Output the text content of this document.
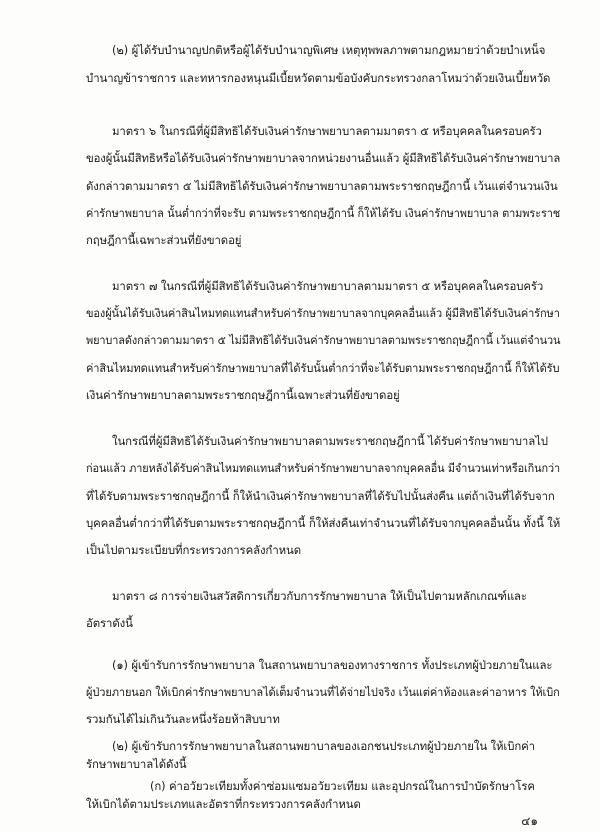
(๒) ผู้ได้รับบำนาญปกติหรือผู้ได้รับบำนาญพิเศษ เหตุทุพพลภาพตามกฎหมายว่าด้วยบำเหน็จ
บำนาญข้าราชการ และทหารกองหนุนมีเบี้ยหวัดตามข้อบังคับกระทรวงกลาโหมว่าด้วยเงินเบี้ยหวัด
มาตรา ๖ ในกรณีที่ผู้มีสิทธิได้รับเงินค่ารักษาพยาบาลตามมาตรา ๕ หรือบุคคลในครอบครัว
ของผู้นั้นมีสิทธิหรือได้รับเงินค่ารักษาพยาบาลจากหน่วยงานอื่นแล้ว ผู้มีสิทธิได้รับเงินค่ารักษาพยาบาล
ดังกล่าวตามมาตรา ๕ ไม่มีสิทธิได้รับเงินค่ารักษาพยาบาลตามพระราชกฤษฎีกานี้ เว้นแต่จำนวนเงิน
ค่ารักษาพยาบาล นั้นต่ำกว่าที่จะรับ ตามพระราชกฤษฎีกานี้ ก็ให้ได้รับ เงินค่ารักษาพยาบาล ตามพระราช
กฤษฎีกานี้เฉพาะส่วนที่ยังขาดอยู่
มาตรา ๗ ในกรณีที่ผู้มีสิทธิได้รับเงินค่ารักษาพยาบาลตามมาตรา ๕ หรือบุคคลในครอบครัว
ของผู้นั้นได้รับเงินค่าสินไหมทดแทนสำหรับค่ารักษาพยาบาลจากบุคคลอื่นแล้ว ผู้มีสิทธิได้รับเงินค่ารักษา
พยาบาลดังกล่าวตามมาตรา ๕ ไม่มีสิทธิได้รับเงินค่ารักษาพยาบาลตามพระราชกฤษฎีกานี้ เว้นแต่จำนวน
ค่าสินไหมทดแทนสำหรับค่ารักษาพยาบาลที่ได้รับนั้นต่ำกว่าที่จะได้รับตามพระราชกฤษฎีกานี้ ก็ให้ได้รับ
เงินค่ารักษาพยาบาลตามพระราชกฤษฎีกานี้เฉพาะส่วนที่ยังขาดอยู่
ในกรณีที่ผู้มีสิทธิได้รับเงินค่ารักษาพยาบาลตามพระราชกฤษฎีกานี้ ได้รับค่ารักษาพยาบาลไป
ก่อนแล้ว ภายหลังได้รับค่าสินไหมทดแทนสำหรับค่ารักษาพยาบาลจากบุคคลอื่น มีจำนวนเท่าหรือเกินกว่า
ที่ได้รับตามพระราชกฤษฎีกานี้ ก็ให้นำเงินค่ารักษาพยาบาลที่ได้รับไปนั้นส่งคืน แต่ถ้าเงินที่ได้รับจาก
บุคคลอื่นต่ำกว่าที่ได้รับตามพระราชกฤษฎีกานี้ ก็ให้ส่งคืนเท่าจำนวนที่ได้รับจากบุคคลอื่นนั้น ทั้งนี้ ให้
เป็นไปตามระเบียบที่กระทรวงการคลังกำหนด
มาตรา ๘ การจ่ายเงินสวัสดิการเกี่ยวกับการรักษาพยาบาล ให้เป็นไปตามหลักเกณฑ์และ
อัตราดังนี้
(๑) ผู้เข้ารับการรักษาพยาบาล ในสถานพยาบาลของทางราชการ ทั้งประเภทผู้ป่วยภายในและ
ผู้ป่วยภายนอก ให้เบิกค่ารักษาพยาบาลได้เต็มจำนวนที่ได้จ่ายไปจริง เว้นแต่ค่าห้องและค่าอาหาร ให้เบิก
รวมกันได้ไม่เกินวันละหนึ่งร้อยห้าสิบบาท
(๒) ผู้เข้ารับการรักษาพยาบาลในสถานพยาบาลของเอกชนประเภทผู้ป่วยภายใน ให้เบิกค่า
รักษาพยาบาลได้ดังนี้
(ก) ค่าอวัยวะเทียมทั้งค่าซ่อมแซมอวัยวะเทียม และอุปกรณ์ในการบำบัดรักษาโรค
ให้เบิกได้ตามประเภทและอัตราที่กระทรวงการคลังกำหนด
๔๑
